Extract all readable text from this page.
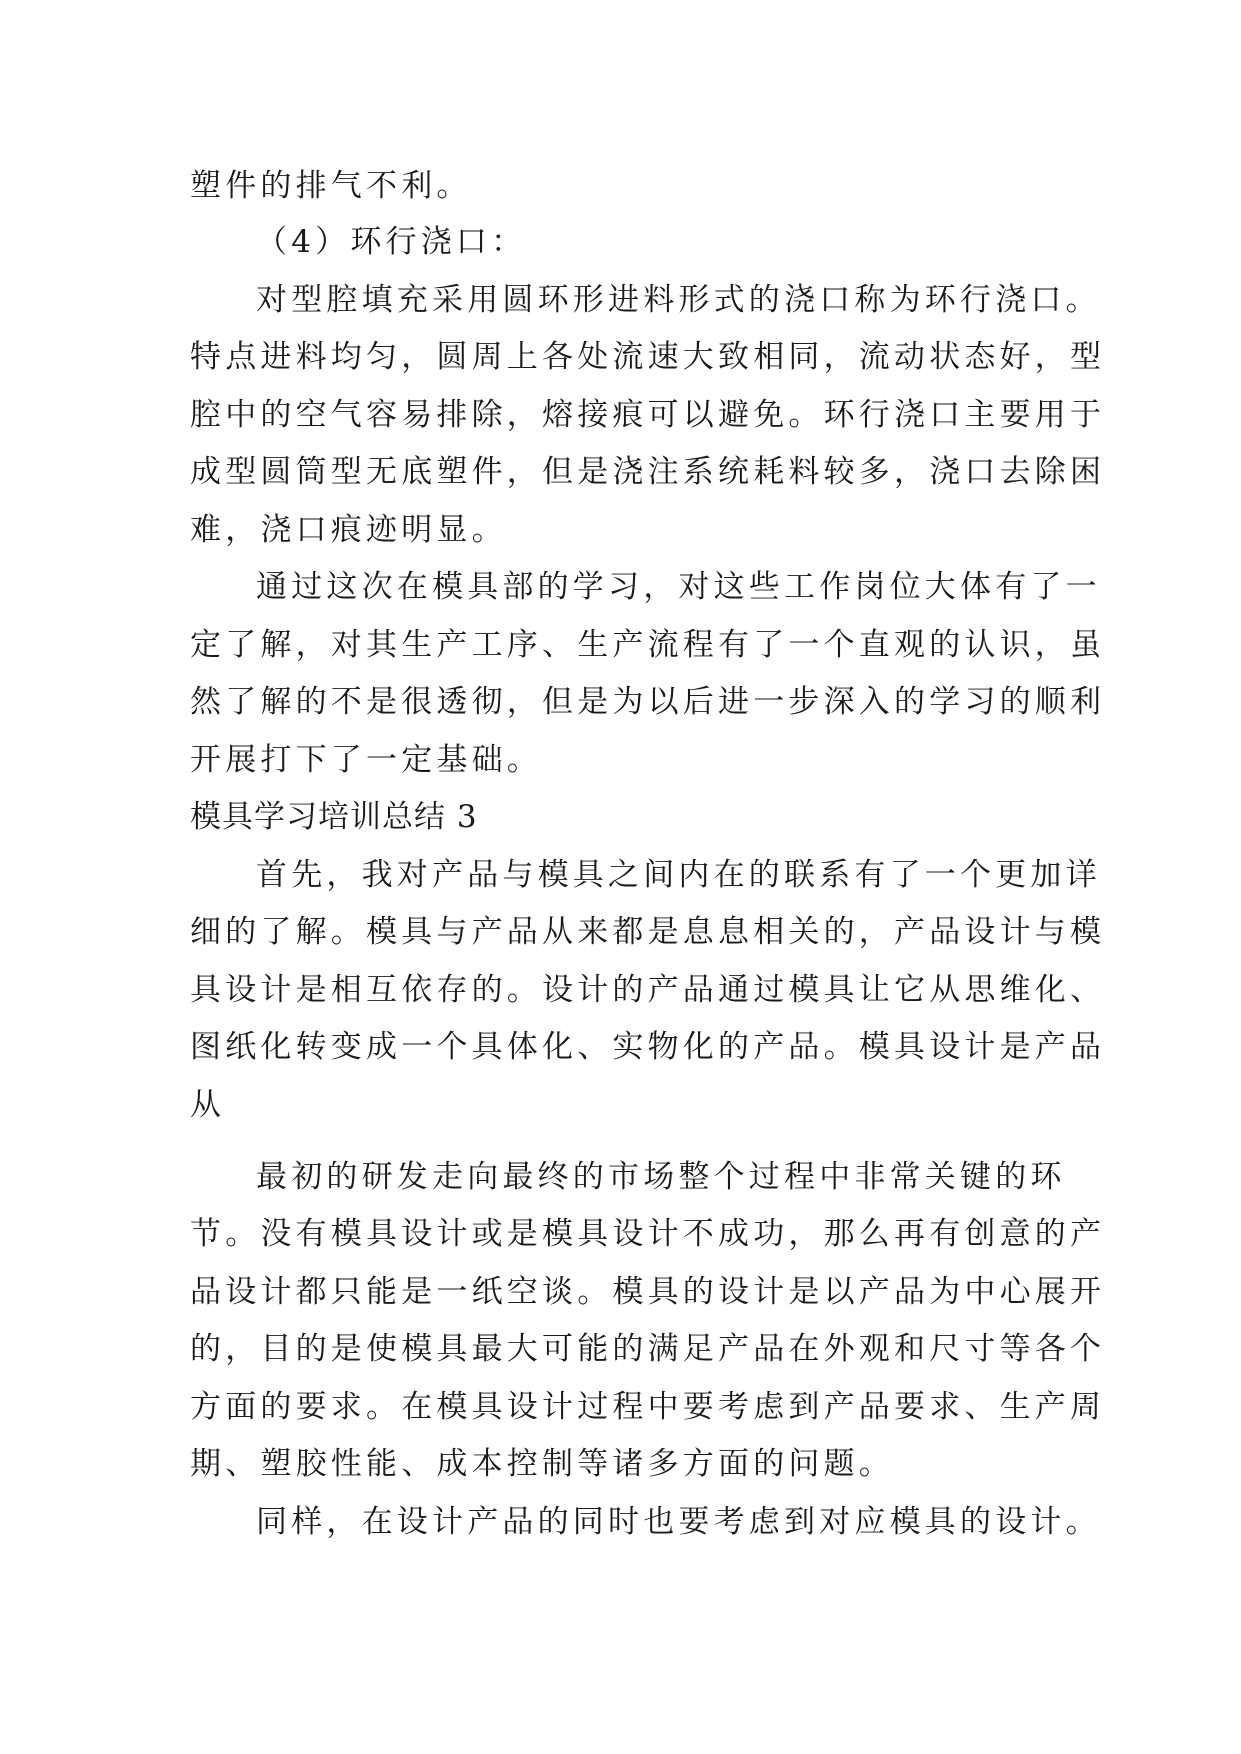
塑件的排气不利。
（4）环行浇口：
对型腔填充采用圆环形进料形式的浇口称为环行浇口。
特点进料均匀，圆周上各处流速大致相同，流动状态好，型
腔中的空气容易排除，熔接痕可以避免。环行浇口主要用于
成型圆筒型无底塑件，但是浇注系统耗料较多，浇口去除困
难，浇口痕迹明显。
通过这次在模具部的学习，对这些工作岗位大体有了一
定了解，对其生产工序、生产流程有了一个直观的认识，虽
然了解的不是很透彻，但是为以后进一步深入的学习的顺利
开展打下了一定基础。
模具学习培训总结 3
首先，我对产品与模具之间内在的联系有了一个更加详
细的了解。模具与产品从来都是息息相关的，产品设计与模
具设计是相互依存的。设计的产品通过模具让它从思维化、
图纸化转变成一个具体化、实物化的产品。模具设计是产品
从
最初的研发走向最终的市场整个过程中非常关键的环
节。没有模具设计或是模具设计不成功，那么再有创意的产
品设计都只能是一纸空谈。模具的设计是以产品为中心展开
的，目的是使模具最大可能的满足产品在外观和尺寸等各个
方面的要求。在模具设计过程中要考虑到产品要求、生产周
期、塑胶性能、成本控制等诸多方面的问题。
同样，在设计产品的同时也要考虑到对应模具的设计。
